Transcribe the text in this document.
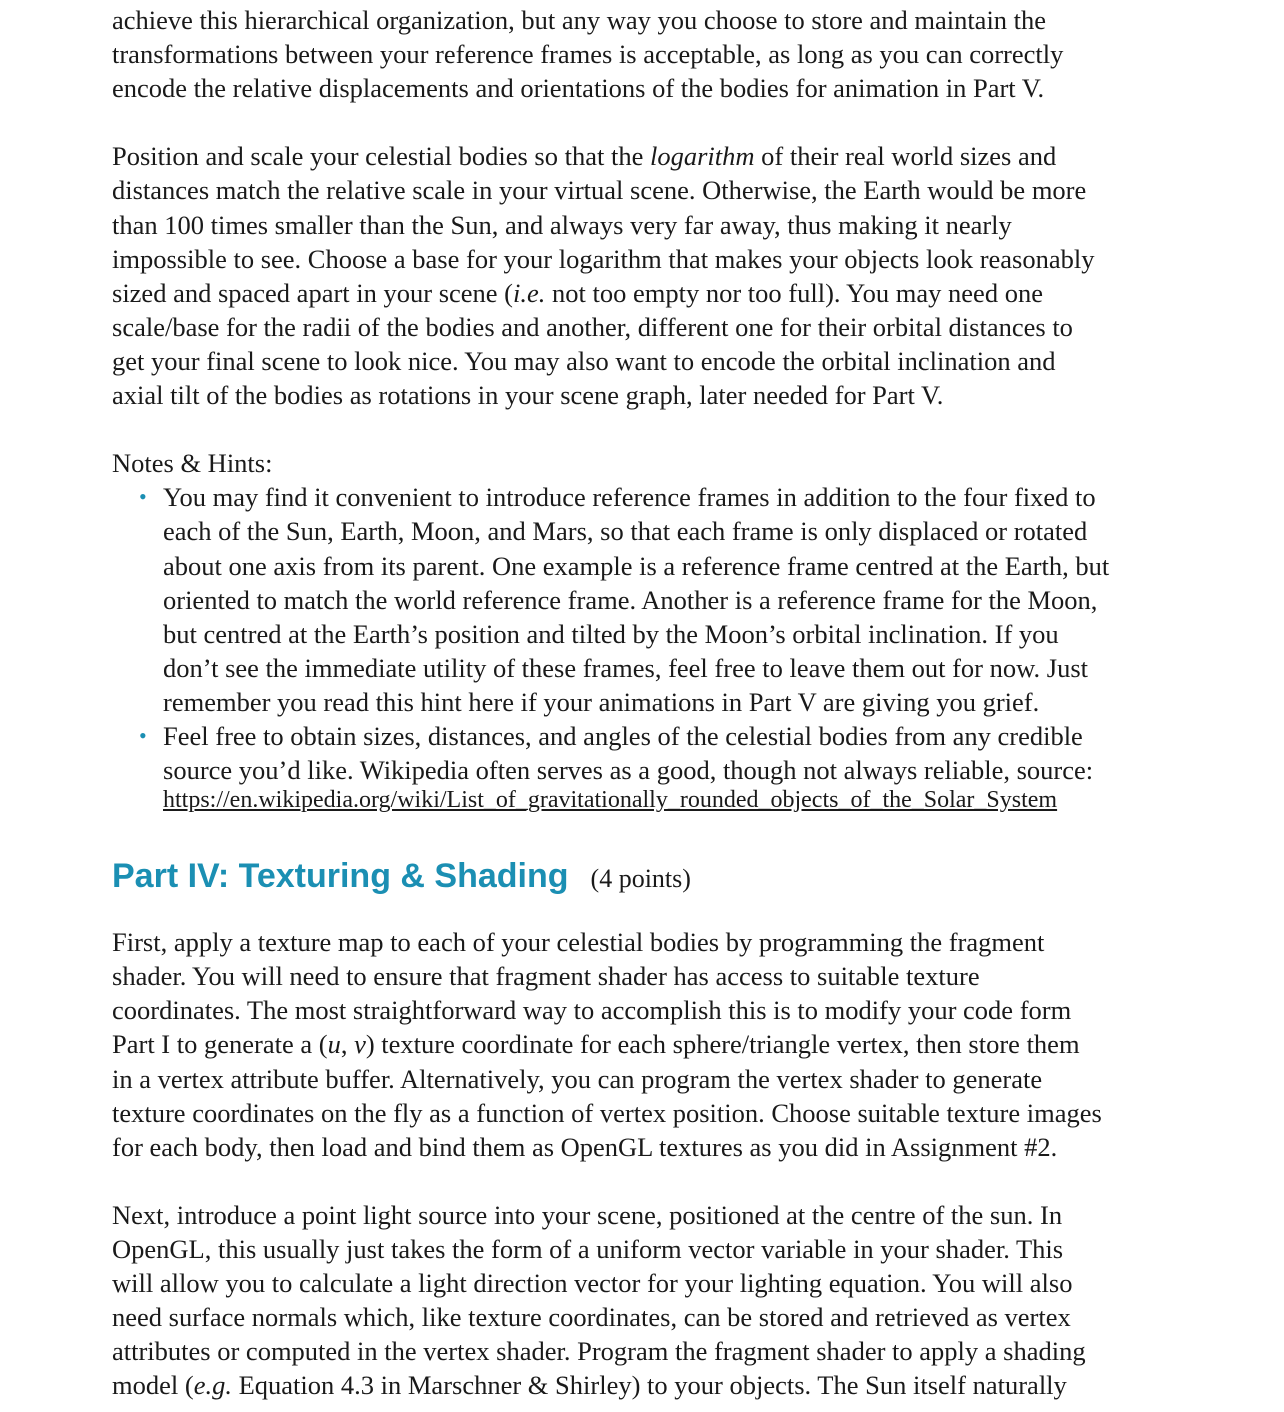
achieve this hierarchical organization, but any way you choose to store and maintain the
transformations between your reference frames is acceptable, as long as you can correctly
encode the relative displacements and orientations of the bodies for animation in Part V.
Position and scale your celestial bodies so that the logarithm of their real world sizes and
distances match the relative scale in your virtual scene. Otherwise, the Earth would be more
than 100 times smaller than the Sun, and always very far away, thus making it nearly
impossible to see. Choose a base for your logarithm that makes your objects look reasonably
sized and spaced apart in your scene (i.e. not too empty nor too full). You may need one
scale/base for the radii of the bodies and another, different one for their orbital distances to
get your final scene to look nice. You may also want to encode the orbital inclination and
axial tilt of the bodies as rotations in your scene graph, later needed for Part V.
Notes & Hints:
• You may find it convenient to introduce reference frames in addition to the four fixed to
each of the Sun, Earth, Moon, and Mars, so that each frame is only displaced or rotated
about one axis from its parent. One example is a reference frame centred at the Earth, but
oriented to match the world reference frame. Another is a reference frame for the Moon,
but centred at the Earth’s position and tilted by the Moon’s orbital inclination. If you
don’t see the immediate utility of these frames, feel free to leave them out for now. Just
remember you read this hint here if your animations in Part V are giving you grief.
• Feel free to obtain sizes, distances, and angles of the celestial bodies from any credible
source you’d like. Wikipedia often serves as a good, though not always reliable, source:
https://en.wikipedia.org/wiki/List_of_gravitationally_rounded_objects_of_the_Solar_System
Part IV: Texturing & Shading (4 points)
First, apply a texture map to each of your celestial bodies by programming the fragment
shader. You will need to ensure that fragment shader has access to suitable texture
coordinates. The most straightforward way to accomplish this is to modify your code form
Part I to generate a (u, v) texture coordinate for each sphere/triangle vertex, then store them
in a vertex attribute buffer. Alternatively, you can program the vertex shader to generate
texture coordinates on the fly as a function of vertex position. Choose suitable texture images
for each body, then load and bind them as OpenGL textures as you did in Assignment #2.
Next, introduce a point light source into your scene, positioned at the centre of the sun. In
OpenGL, this usually just takes the form of a uniform vector variable in your shader. This
will allow you to calculate a light direction vector for your lighting equation. You will also
need surface normals which, like texture coordinates, can be stored and retrieved as vertex
attributes or computed in the vertex shader. Program the fragment shader to apply a shading
model (e.g. Equation 4.3 in Marschner & Shirley) to your objects. The Sun itself naturally
